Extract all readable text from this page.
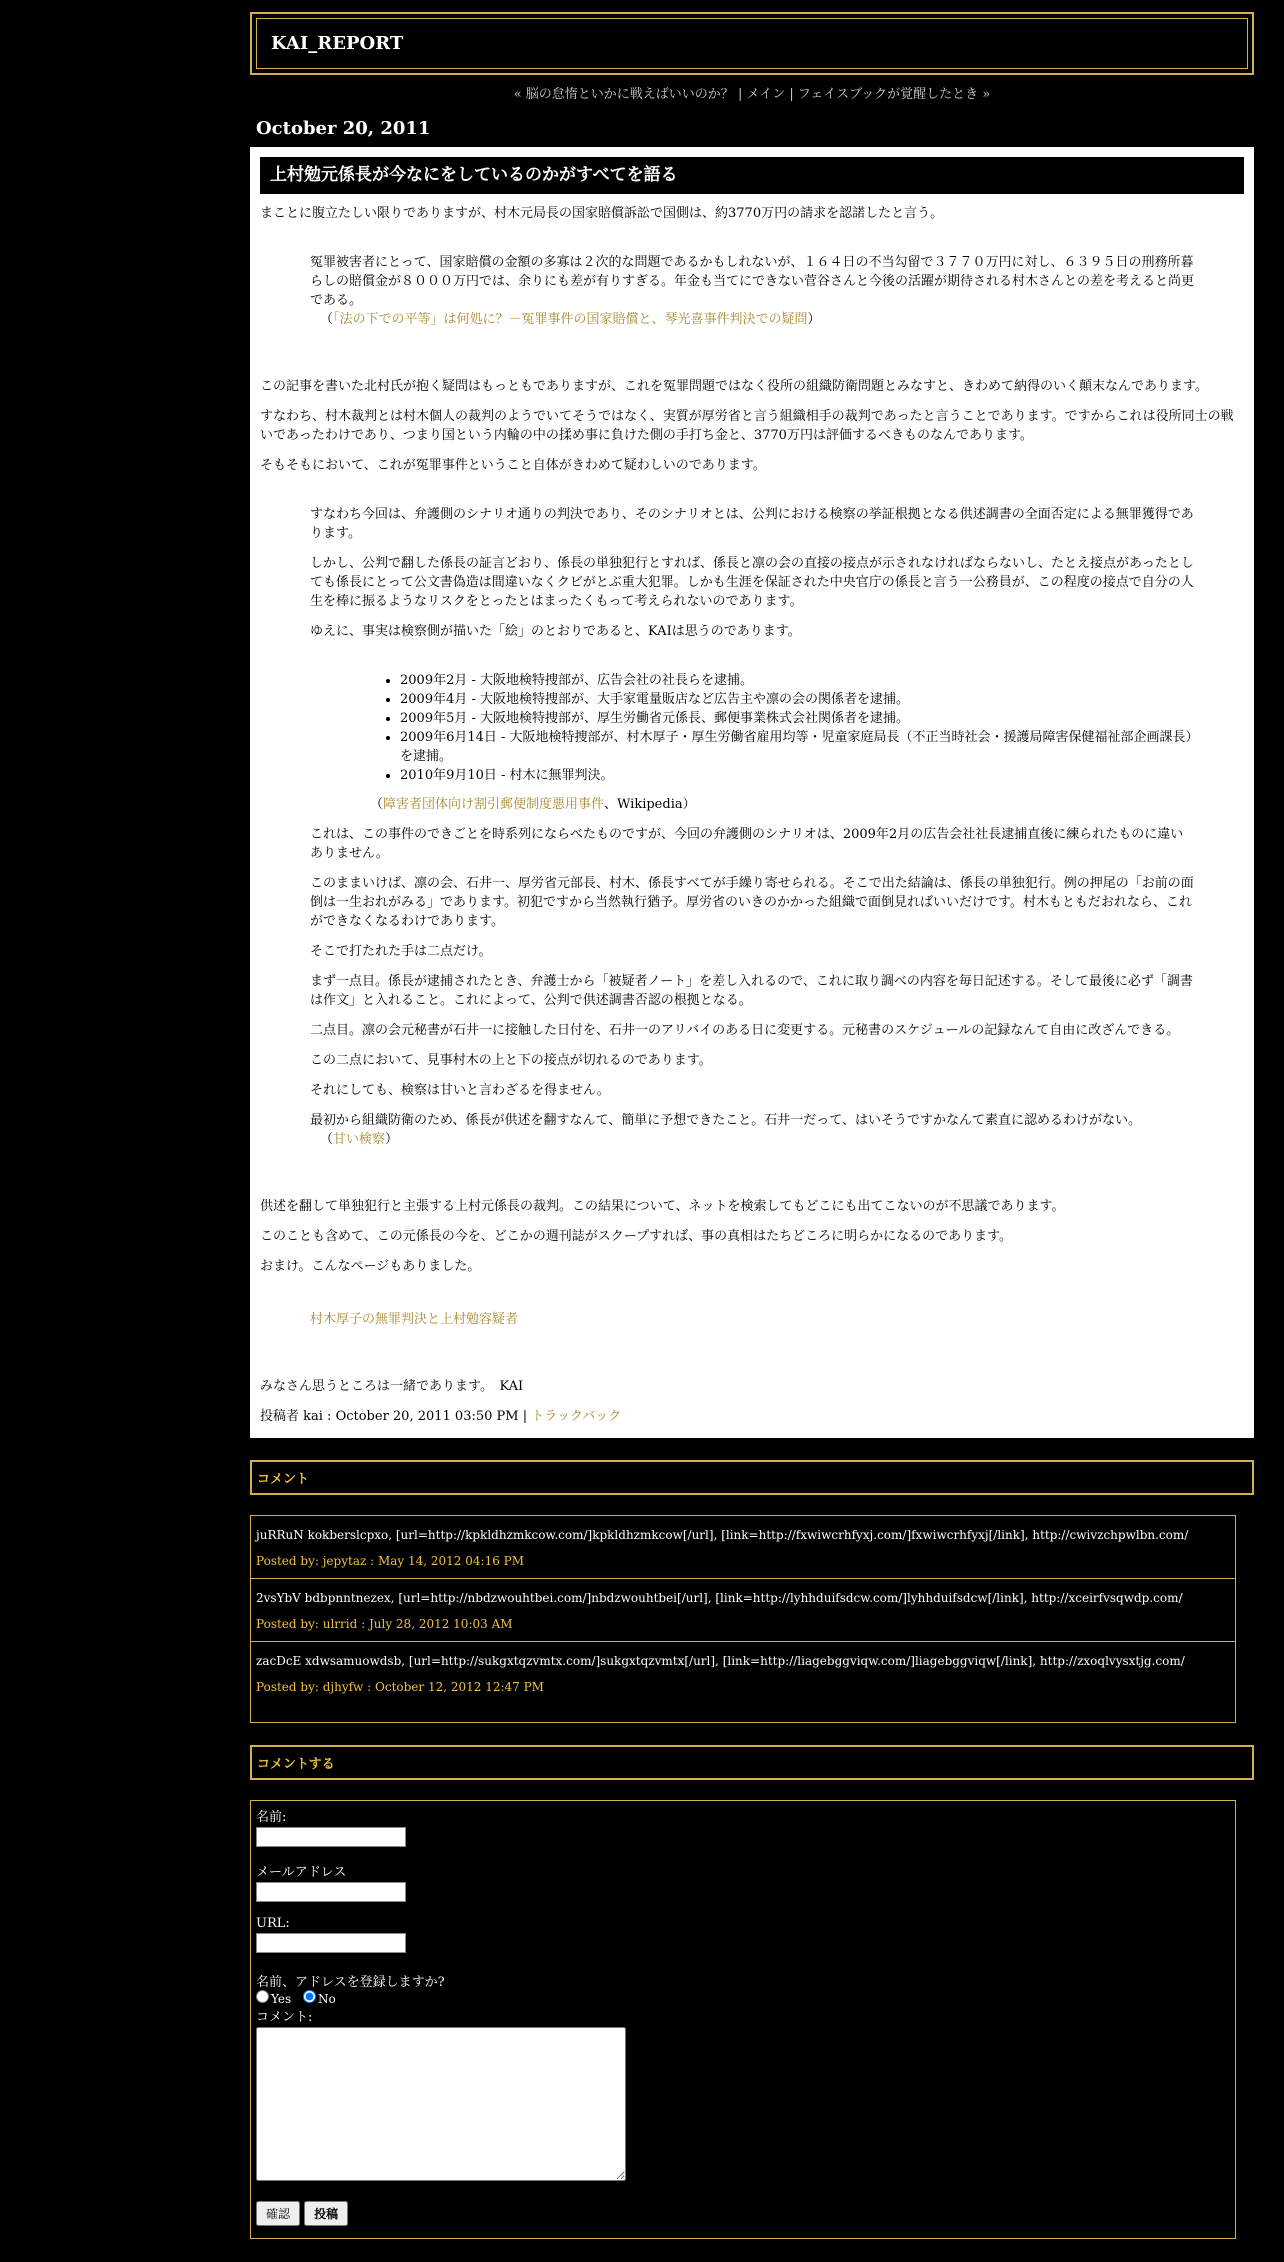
KAI_REPORT
« 脳の怠惰といかに戦えばいいのか？ | メイン | フェイスブックが覚醒したとき »
October 20, 2011
上村勉元係長が今なにをしているのかがすべてを語る

まことに腹立たしい限りでありますが、村木元局長の国家賠償訴訟で国側は、約3770万円の請求を認諾したと言う。

冤罪被害者にとって、国家賠償の金額の多寡は２次的な問題であるかもしれないが、１６４日の不当勾留で３７７０万円に対し、６３９５日の刑務所暮らしの賠償金が８０００万円では、余りにも差が有りすぎる。年金も当てにできない菅谷さんと今後の活躍が期待される村木さんとの差を考えると尚更である。
（「法の下での平等」は何処に？－冤罪事件の国家賠償と、琴光喜事件判決での疑問）

この記事を書いた北村氏が抱く疑問はもっともでありますが、これを冤罪問題ではなく役所の組織防衛問題とみなすと、きわめて納得のいく顛末なんであります。

すなわち、村木裁判とは村木個人の裁判のようでいてそうではなく、実質が厚労省と言う組織相手の裁判であったと言うことであります。ですからこれは役所同士の戦いであったわけであり、つまり国という内輪の中の揉め事に負けた側の手打ち金と、3770万円は評価するべきものなんであります。

そもそもにおいて、これが冤罪事件ということ自体がきわめて疑わしいのであります。

すなわち今回は、弁護側のシナリオ通りの判決であり、そのシナリオとは、公判における検察の挙証根拠となる供述調書の全面否定による無罪獲得であります。

しかし、公判で翻した係長の証言どおり、係長の単独犯行とすれば、係長と凛の会の直接の接点が示されなければならないし、たとえ接点があったとしても係長にとって公文書偽造は間違いなくクビがとぶ重大犯罪。しかも生涯を保証された中央官庁の係長と言う一公務員が、この程度の接点で自分の人生を棒に振るようなリスクをとったとはまったくもって考えられないのであります。

ゆえに、事実は検察側が描いた「絵」のとおりであると、KAIは思うのであります。

• 2009年2月 - 大阪地検特捜部が、広告会社の社長らを逮捕。
• 2009年4月 - 大阪地検特捜部が、大手家電量販店など広告主や凛の会の関係者を逮捕。
• 2009年5月 - 大阪地検特捜部が、厚生労働省元係長、郵便事業株式会社関係者を逮捕。
• 2009年6月14日 - 大阪地検特捜部が、村木厚子・厚生労働省雇用均等・児童家庭局長（不正当時社会・援護局障害保健福祉部企画課長）を逮捕。
• 2010年9月10日 - 村木に無罪判決。

（障害者団体向け割引郵便制度悪用事件、Wikipedia）

これは、この事件のできごとを時系列にならべたものですが、今回の弁護側のシナリオは、2009年2月の広告会社社長逮捕直後に練られたものに違いありません。

このままいけば、凛の会、石井一、厚労省元部長、村木、係長すべてが手繰り寄せられる。そこで出た結論は、係長の単独犯行。例の押尾の「お前の面倒は一生おれがみる」であります。初犯ですから当然執行猶予。厚労省のいきのかかった組織で面倒見ればいいだけです。村木もともだおれなら、これができなくなるわけであります。

そこで打たれた手は二点だけ。

まず一点目。係長が逮捕されたとき、弁護士から「被疑者ノート」を差し入れるので、これに取り調べの内容を毎日記述する。そして最後に必ず「調書は作文」と入れること。これによって、公判で供述調書否認の根拠となる。

二点目。凛の会元秘書が石井一に接触した日付を、石井一のアリバイのある日に変更する。元秘書のスケジュールの記録なんて自由に改ざんできる。

この二点において、見事村木の上と下の接点が切れるのであります。

それにしても、検察は甘いと言わざるを得ません。

最初から組織防衛のため、係長が供述を翻すなんて、簡単に予想できたこと。石井一だって、はいそうですかなんて素直に認めるわけがない。
（甘い検察）

供述を翻して単独犯行と主張する上村元係長の裁判。この結果について、ネットを検索してもどこにも出てこないのが不思議であります。

このことも含めて、この元係長の今を、どこかの週刊誌がスクープすれば、事の真相はたちどころに明らかになるのであります。

おまけ。こんなページもありました。

村木厚子の無罪判決と上村勉容疑者

みなさん思うところは一緒であります。　KAI

投稿者 kai : October 20, 2011 03:50 PM | トラックバック
コメント
juRRuN kokberslcpxo, [url=http://kpkldhzmkcow.com/]kpkldhzmkcow[/url], [link=http://fxwiwcrhfyxj.com/]fxwiwcrhfyxj[/link], http://cwivzchpwlbn.com/
Posted by: jepytaz : May 14, 2012 04:16 PM
2vsYbV bdbpnntnezex, [url=http://nbdzwouhtbei.com/]nbdzwouhtbei[/url], [link=http://lyhhduifsdcw.com/]lyhhduifsdcw[/link], http://xceirfvsqwdp.com/
Posted by: ulrrid : July 28, 2012 10:03 AM
zacDcE xdwsamuowdsb, [url=http://sukgxtqzvmtx.com/]sukgxtqzvmtx[/url], [link=http://liagebggviqw.com/]liagebggviqw[/link], http://zxoqlvysxtjg.com/
Posted by: djhyfw : October 12, 2012 12:47 PM
コメントする
名前:
メールアドレス
URL:
名前、アドレスを登録しますか?
Yes No
コメント:
確認 投稿
